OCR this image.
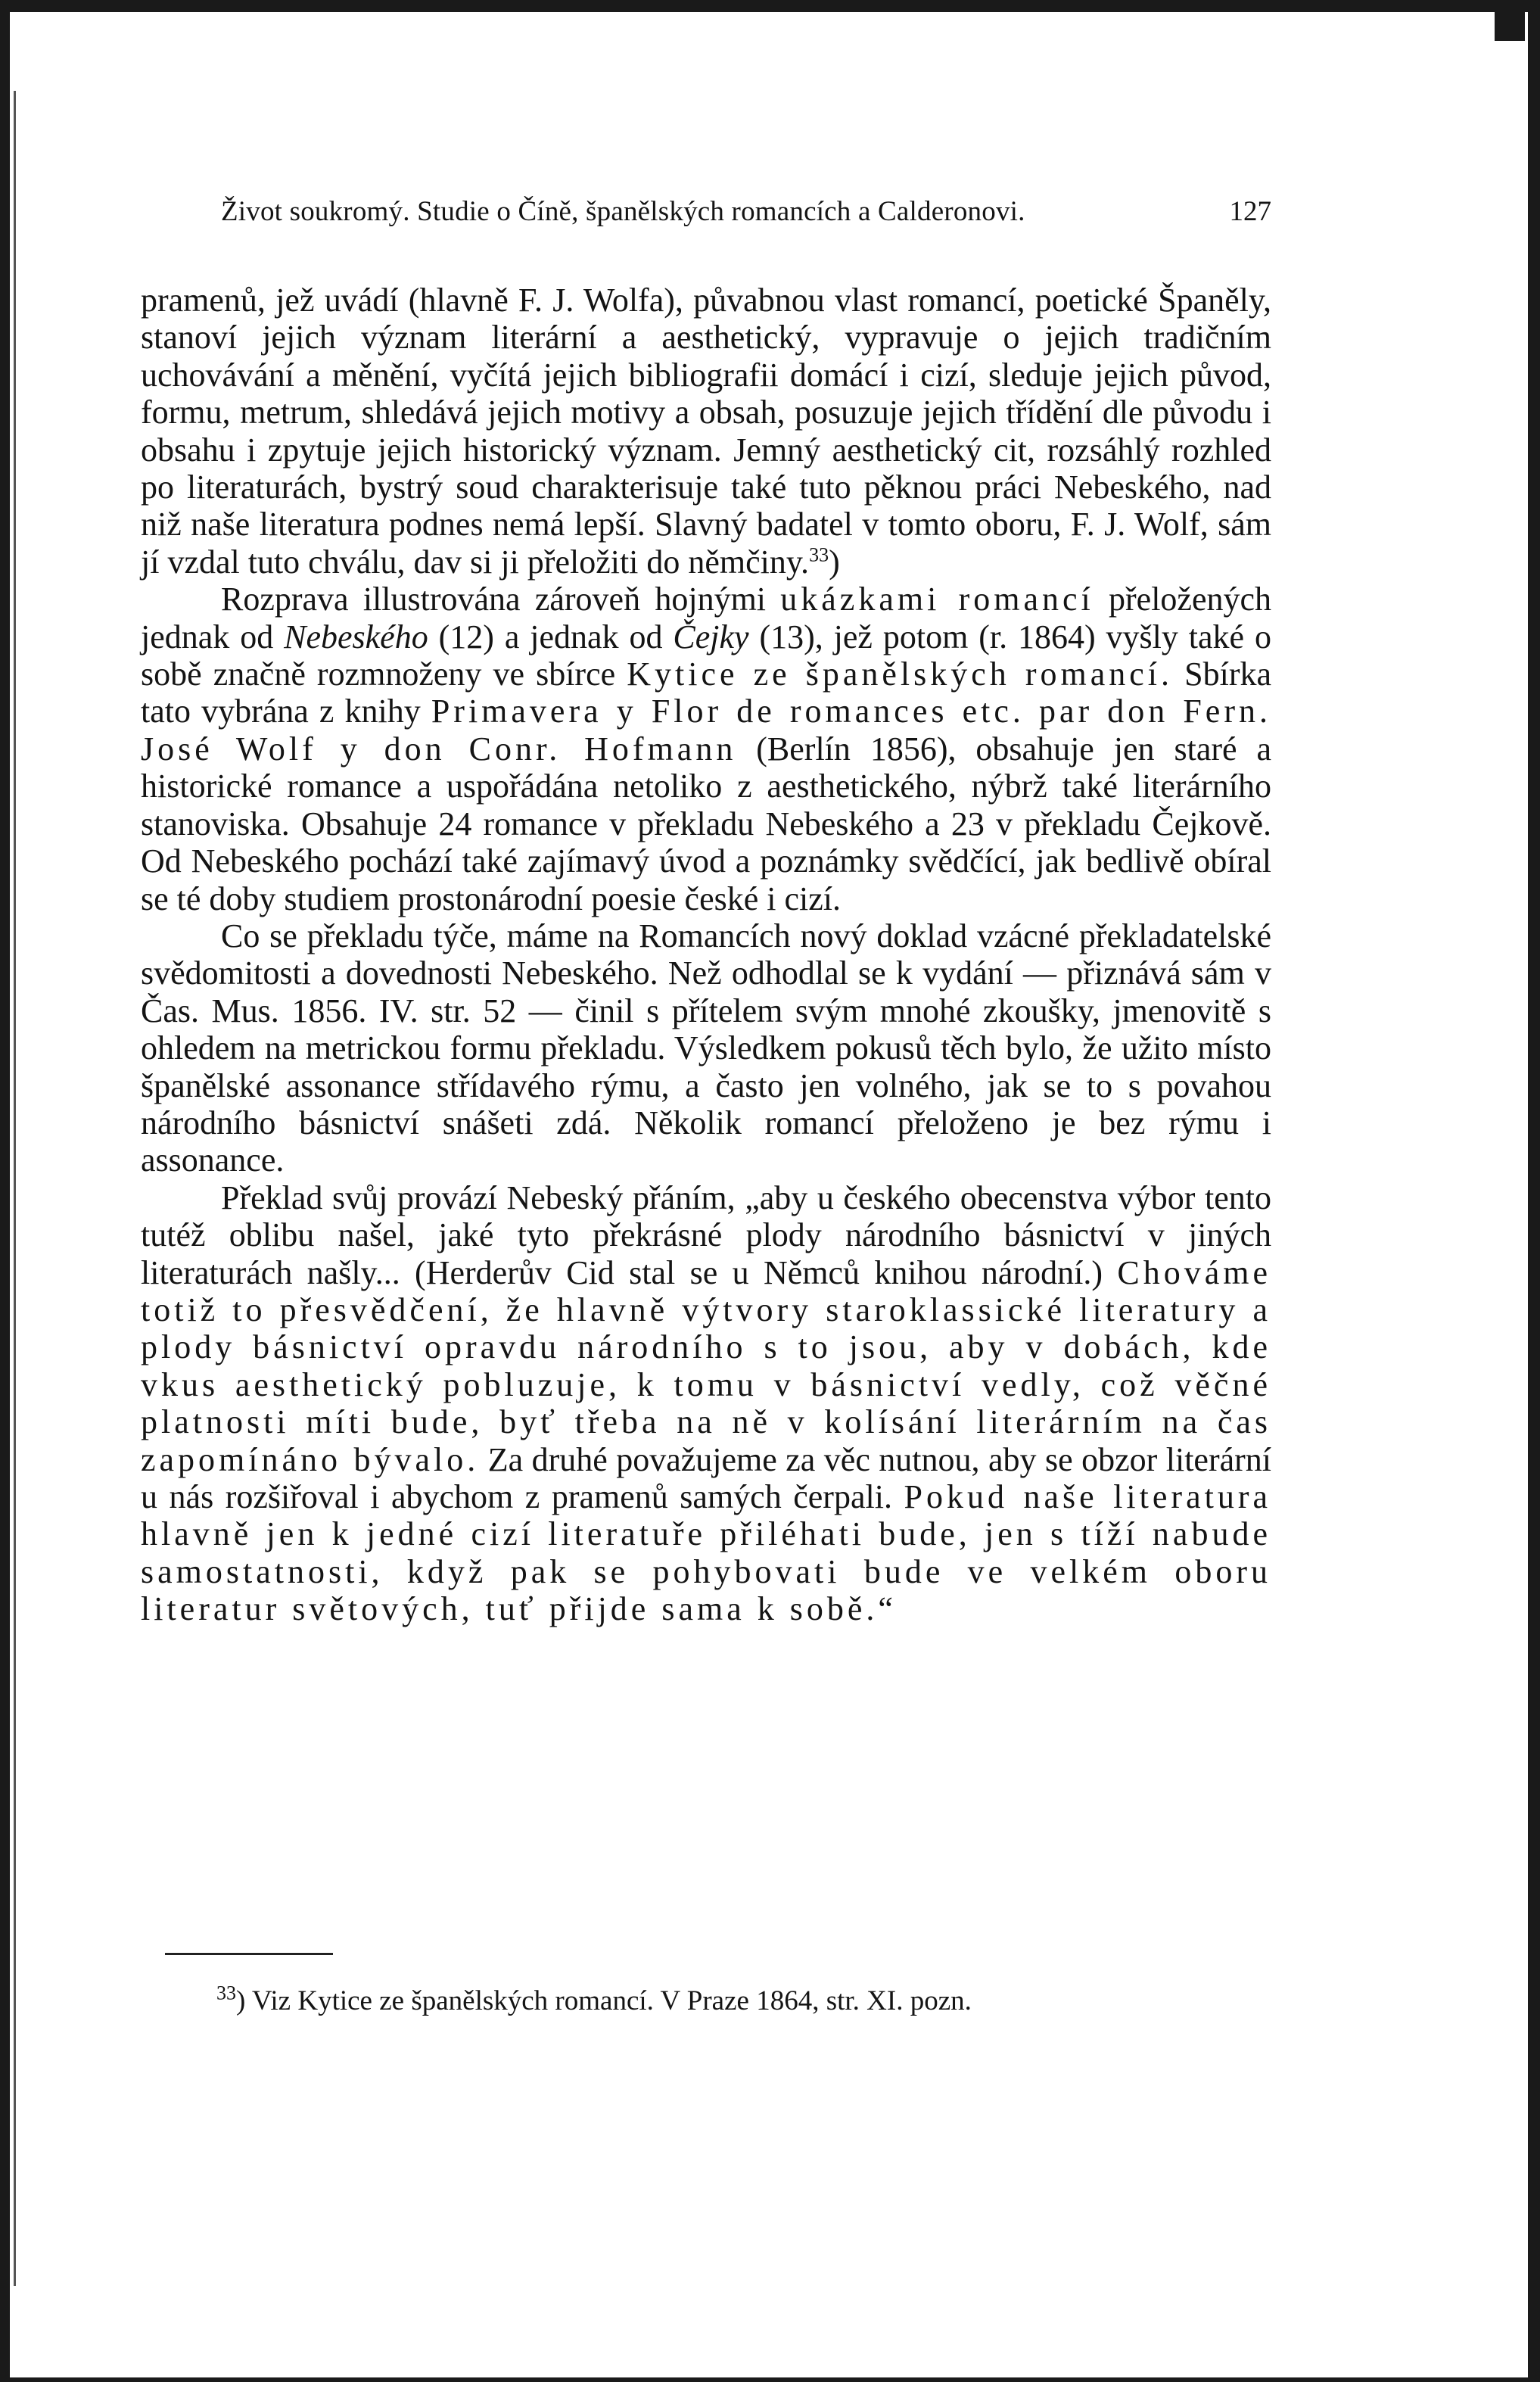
Život soukromý. Studie o Číně, španělských romancích a Calderonovi.	127

pramenů, jež uvádí (hlavně F. J. Wolfa), půvabnou vlast romancí, poetické Španěly, stanoví jejich význam literární a aesthetický, vypravuje o jejich tradičním uchovávání a měnění, vyčítá jejich bibliografii domácí i cizí, sleduje jejich původ, formu, metrum, shledává jejich motivy a obsah, posuzuje jejich třídění dle původu i obsahu i zpytuje jejich historický význam. Jemný aesthetický cit, rozsáhlý rozhled po literaturách, bystrý soud charakterisuje také tuto pěknou práci Nebeského, nad niž naše literatura podnes nemá lepší. Slavný badatel v tomto oboru, F. J. Wolf, sám jí vzdal tuto chválu, dav si ji přeložiti do němčiny.$^{33}$)

Rozprava illustrována zároveň hojnými ukázkami romancí přeložených jednak od Nebeského (12) a jednak od Čejky (13), jež potom (r. 1864) vyšly také o sobě značně rozmnoženy ve sbírce Kytice ze španělských romancí. Sbírka tato vybrána z knihy Primavera y Flor de romances etc. par don Fern. José Wolf y don Conr. Hofmann (Berlín 1856), obsahuje jen staré a historické romance a uspořádána netoliko z aesthetického, nýbrž také literárního stanoviska. Obsahuje 24 romance v překladu Nebeského a 23 v překladu Čejkově. Od Nebeského pochází také zajímavý úvod a poznámky svědčící, jak bedlivě obíral se té doby studiem prostonárodní poesie české i cizí.

Co se překladu týče, máme na Romancích nový doklad vzácné překladatelské svědomitosti a dovednosti Nebeského. Než odhodlal se k vydání — přiznává sám v Čas. Mus. 1856. IV. str. 52 — činil s přítelem svým mnohé zkoušky, jmenovitě s ohledem na metrickou formu překladu. Výsledkem pokusů těch bylo, že užito místo španělské assonance střídavého rýmu, a často jen volného, jak se to s povahou národního básnictví snášeti zdá. Několik romancí přeloženo je bez rýmu i assonance.

Překlad svůj provází Nebeský přáním, „aby u českého obecenstva výbor tento tutéž oblibu našel, jaké tyto překrásné plody národního básnictví v jiných literaturách našly... (Herderův Cid stal se u Němců knihou národní.) Chováme totiž to přesvědčení, že hlavně výtvory staroklassické literatury a plody básnictví opravdu národního s to jsou, aby v dobách, kde vkus aesthetický pobluzuje, k tomu v básnictví vedly, což věčné platnosti míti bude, byť třeba na ně v kolísání literárním na čas zapomínáno bývalo. Za druhé považujeme za věc nutnou, aby se obzor literární u nás rozšiřoval i abychom z pramenů samých čerpali. Pokud naše literatura hlavně jen k jedné cizí literatuře přiléhati bude, jen s tíží nabude samostatnosti, když pak se pohybovati bude ve velkém oboru literatur světových, tuť přijde sama k sobě.“

$^{33}$) Viz Kytice ze španělských romancí. V Praze 1864, str. XI. pozn.
